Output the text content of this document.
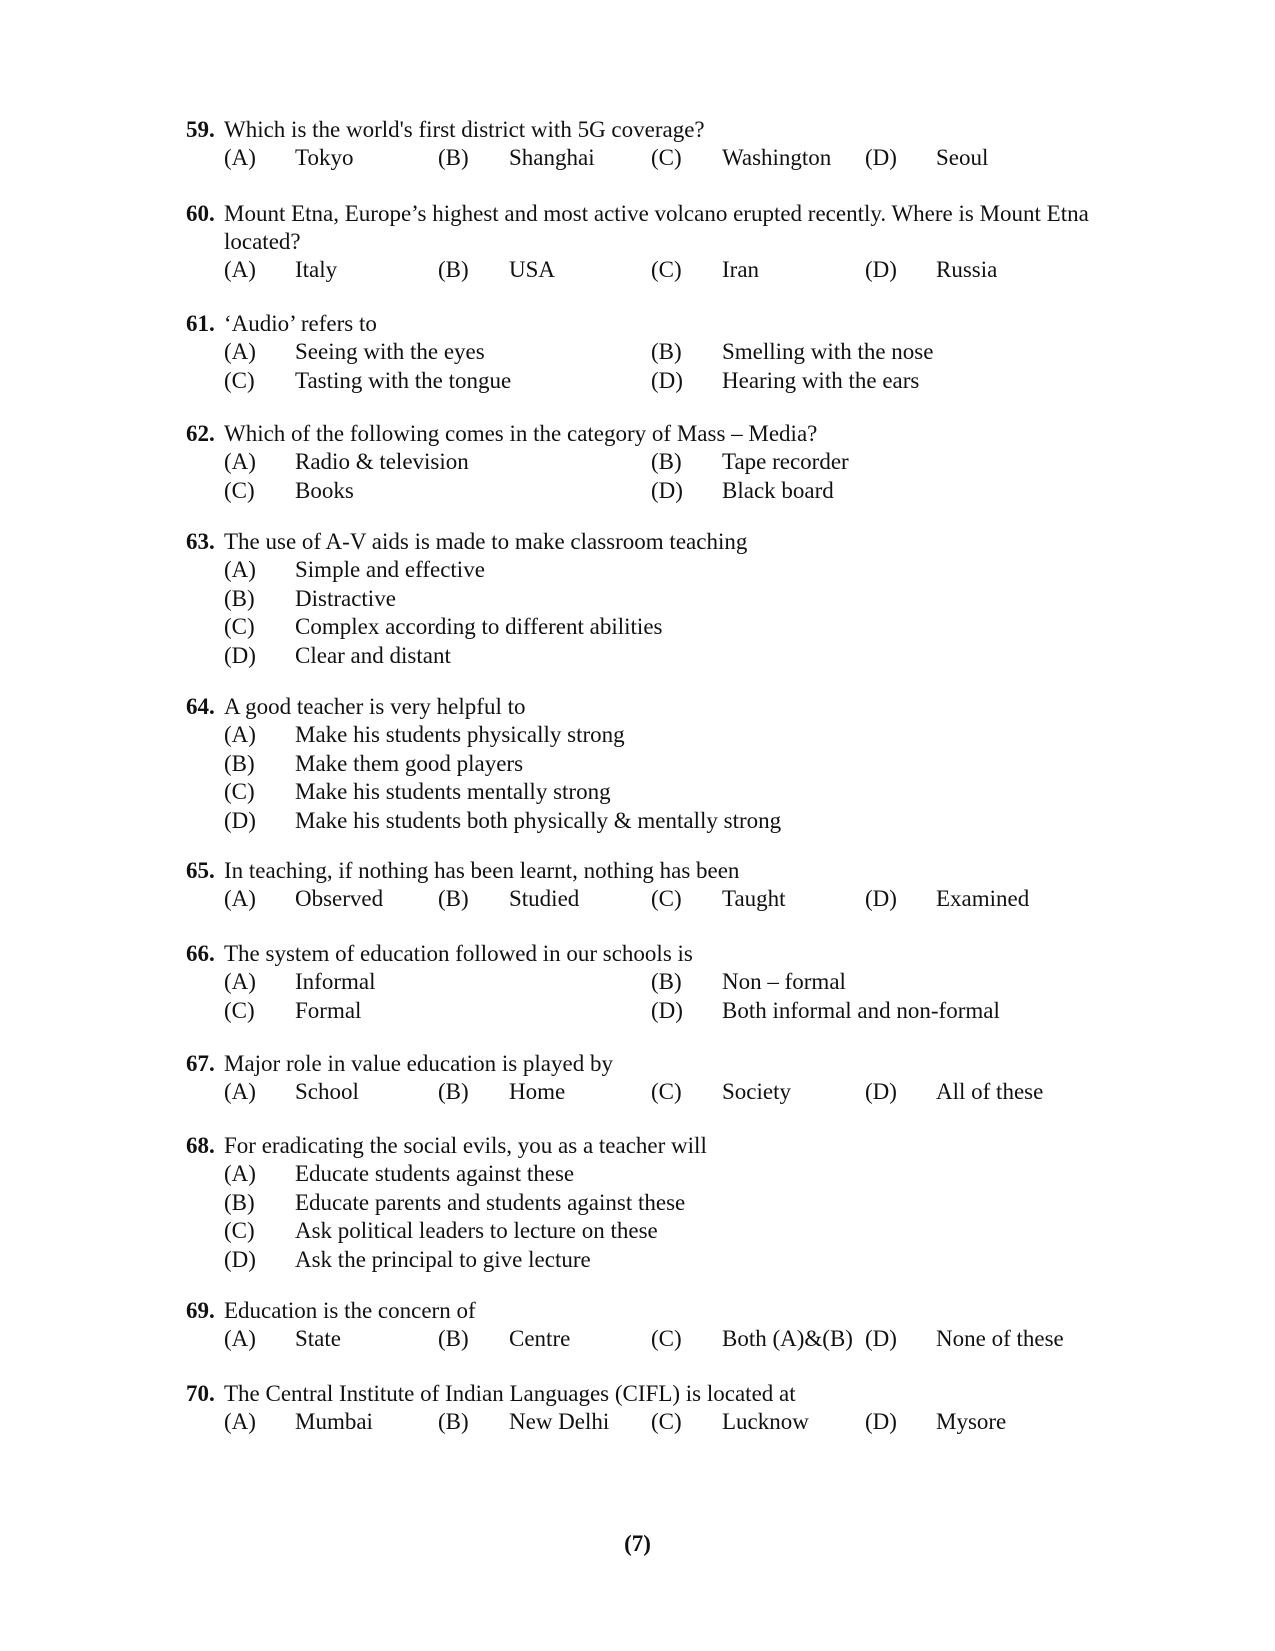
59. Which is the world's first district with 5G coverage?
(A) Tokyo	(B) Shanghai (C) Washington (D) Seoul
60. Mount Etna, Europe’s highest and most active volcano erupted recently. Where is Mount Etna located?
(A) Italy	(B) USA	(C) Iran	(D) Russia
61. ‘Audio’ refers to
(A) Seeing with the eyes	(B) Smelling with the nose
(C) Tasting with the tongue	(D) Hearing with the ears
62. Which of the following comes in the category of Mass – Media?
(A) Radio & television	(B) Tape recorder
(C) Books	(D) Black board
63. The use of A-V aids is made to make classroom teaching
(A) Simple and effective
(B) Distractive
(C) Complex according to different abilities
(D) Clear and distant
64. A good teacher is very helpful to
(A) Make his students physically strong
(B) Make them good players
(C) Make his students mentally strong
(D) Make his students both physically & mentally strong
65. In teaching, if nothing has been learnt, nothing has been
(A) Observed (B) Studied	(C) Taught	(D) Examined
66. The system of education followed in our schools is
(A) Informal	(B) Non – formal
(C) Formal	(D) Both informal and non-formal
67. Major role in value education is played by
(A) School	(B) Home	(C) Society	(D) All of these
68. For eradicating the social evils, you as a teacher will
(A) Educate students against these
(B) Educate parents and students against these
(C) Ask political leaders to lecture on these
(D) Ask the principal to give lecture
69. Education is the concern of
(A) State	(B) Centre	(C) Both (A)&(B) (D) None of these
70. The Central Institute of Indian Languages (CIFL) is located at
(A) Mumbai	(B) New Delhi (C) Lucknow (D) Mysore
(7)
